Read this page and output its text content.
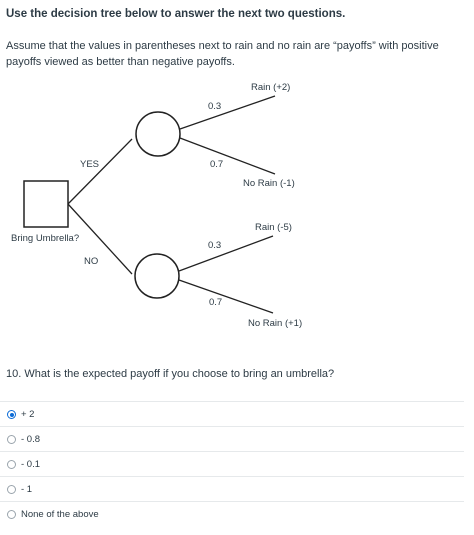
Use the decision tree below to answer the next two questions.
Assume that the values in parentheses next to rain and no rain are “payoffs” with positive payoffs viewed as better than negative payoffs.
Bring Umbrella?
YES
NO
0.3
0.7
Rain (+2)
No Rain (-1)
0.3
0.7
Rain (-5)
No Rain (+1)
10. What is the expected payoff if you choose to bring an umbrella?
+ 2
- 0.8
- 0.1
- 1
None of the above
